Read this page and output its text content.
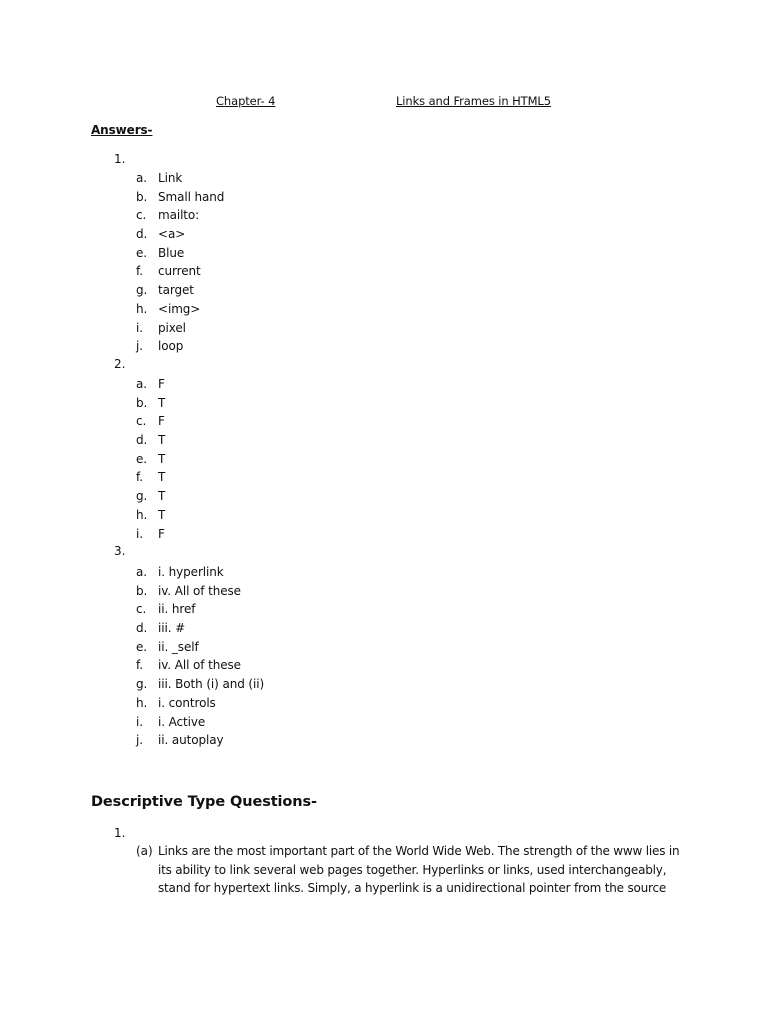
Chapter- 4	Links and Frames in HTML5
Answers-
1.
a. Link
b. Small hand
c. mailto:
d. <a>
e. Blue
f. current
g. target
h. <img>
i. pixel
j. loop
2.
a. F
b. T
c. F
d. T
e. T
f. T
g. T
h. T
i. F
3.
a. i. hyperlink
b. iv. All of these
c. ii. href
d. iii. #
e. ii. _self
f. iv. All of these
g. iii. Both (i) and (ii)
h. i. controls
i. i. Active
j. ii. autoplay
Descriptive Type Questions-
1.
(a) Links are the most important part of the World Wide Web. The strength of the www lies in
its ability to link several web pages together. Hyperlinks or links, used interchangeably,
stand for hypertext links. Simply, a hyperlink is a unidirectional pointer from the source
